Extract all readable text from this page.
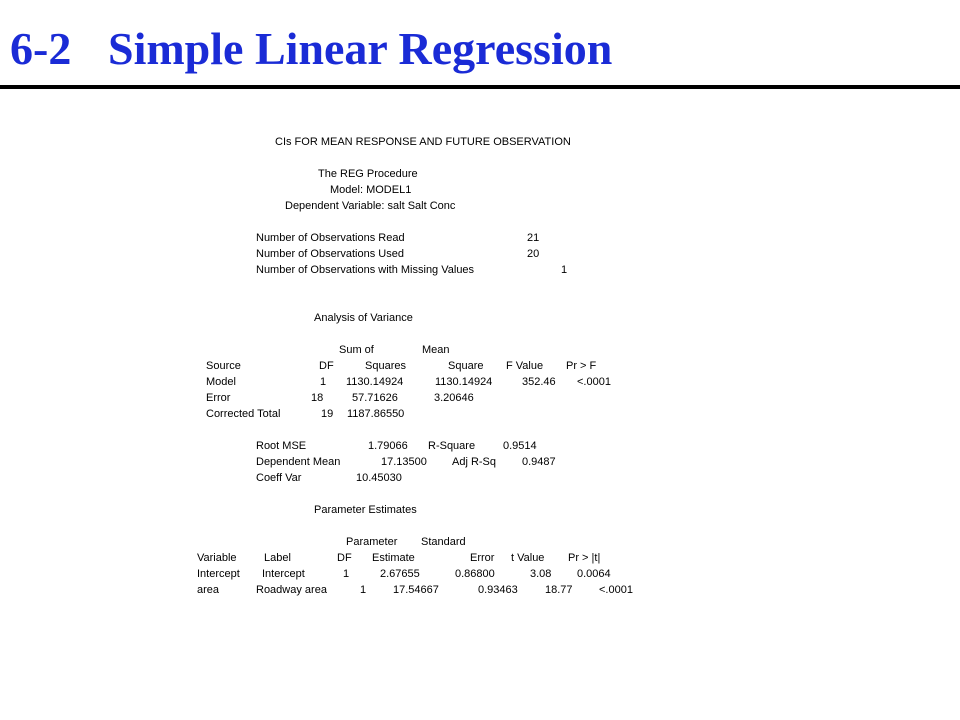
6-2 Simple Linear Regression
CIs FOR MEAN RESPONSE AND FUTURE OBSERVATION
The REG Procedure
Model: MODEL1
Dependent Variable: salt Salt Conc
Number of Observations Read	21
Number of Observations Used	20
Number of Observations with Missing Values	1
Analysis of Variance
Sum of	Mean
Source	DF	Squares	Square F Value Pr > F
Model	1 1130.14924	1130.14924	352.46 <.0001
Error	18	57.71626	3.20646
Corrected Total	19 1187.86550
Root MSE	1.79066 R-Square	0.9514
Dependent Mean	17.13500 Adj R-Sq 0.9487
Coeff Var	10.45030
Parameter Estimates
Parameter Standard
Variable Label	DF Estimate	Error t Value Pr > |t|
Intercept Intercept	1	2.67655	0.86800	3.08 0.0064
area	Roadway area	1 17.54667	0.93463 18.77 <.0001
